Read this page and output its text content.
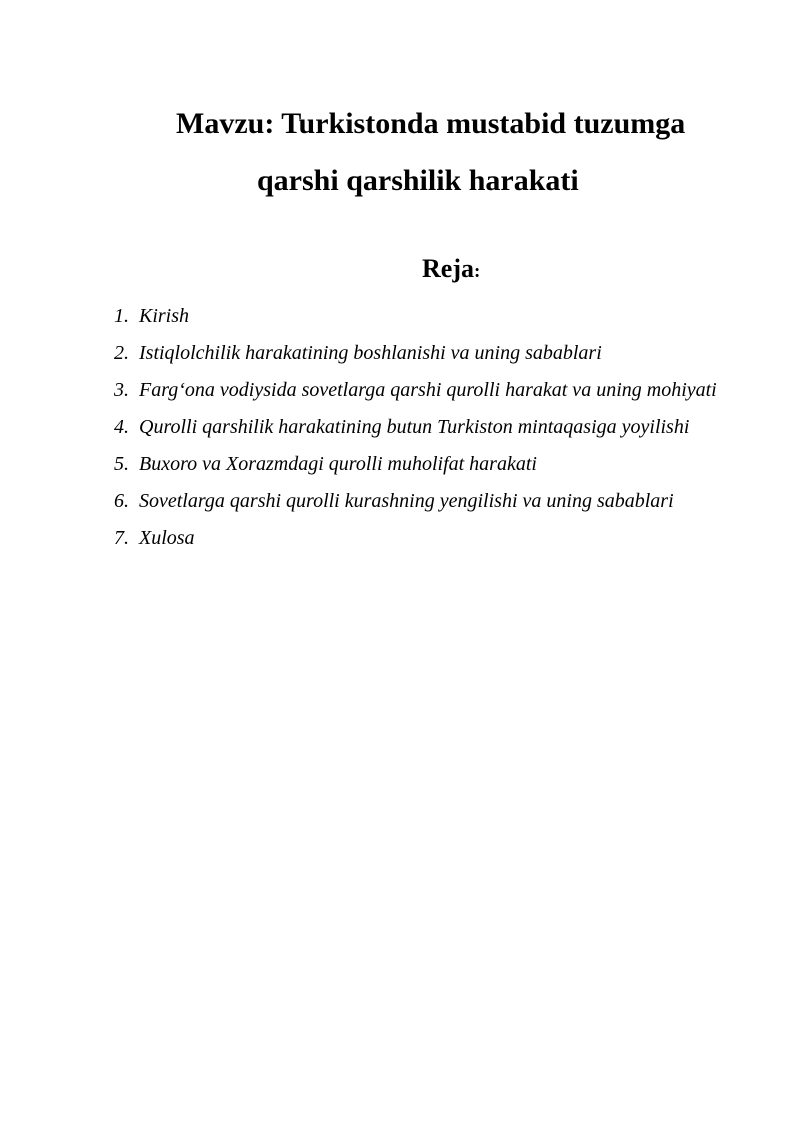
Mavzu: Turkistonda mustabid tuzumga
qarshi qarshilik harakati
Reja:
1. Kirish
2. Istiqlolchilik harakatining boshlanishi va uning sabablari
3. Farg‘ona vodiysida sovetlarga qarshi qurolli harakat va uning mohiyati
4. Qurolli qarshilik harakatining butun Turkiston mintaqasiga yoyilishi
5. Buxoro va Xorazmdagi qurolli muholifat harakati
6. Sovetlarga qarshi qurolli kurashning yengilishi va uning sabablari
7. Xulosa
